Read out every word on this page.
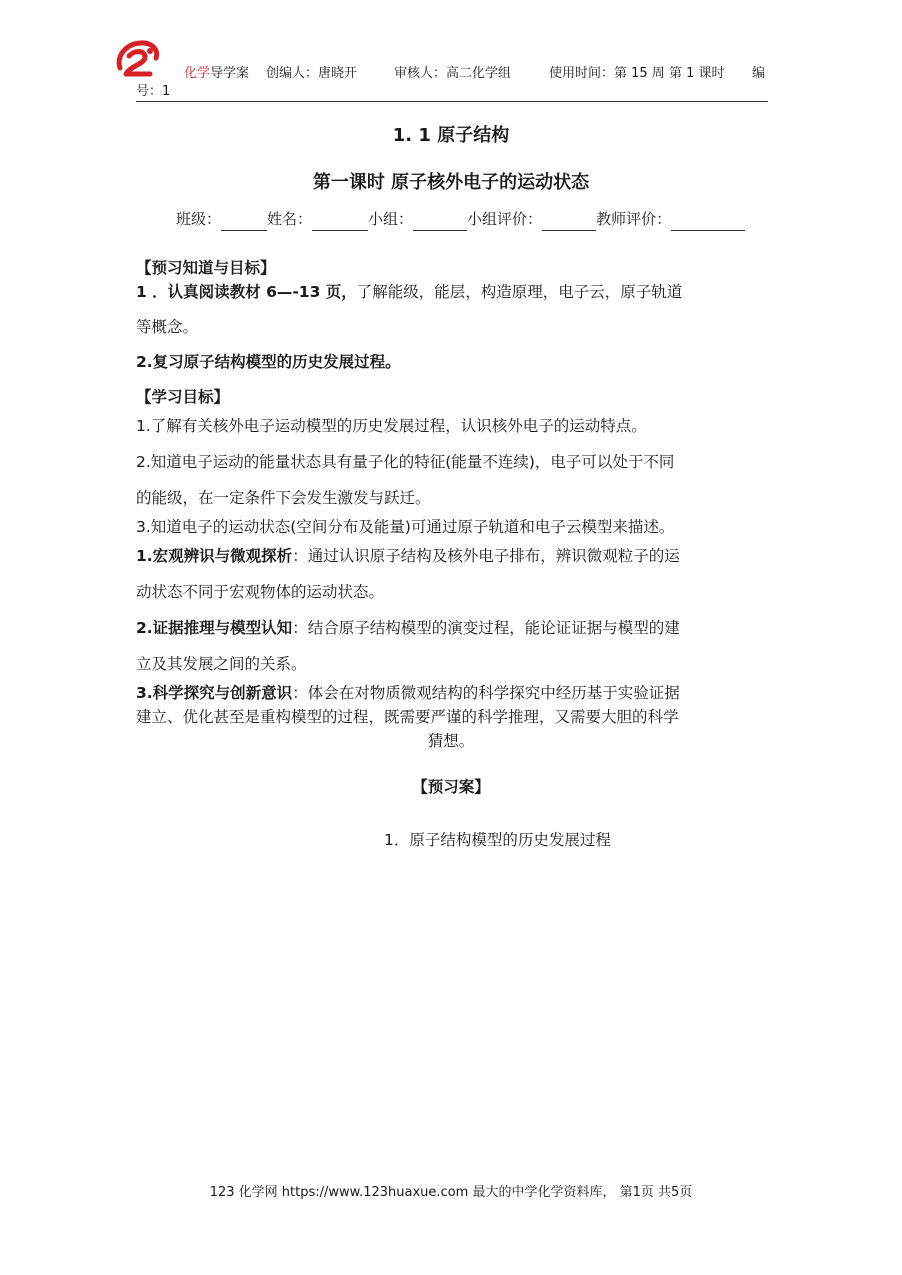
化学导学案 创编人：唐晓开	审核人：高二化学组	使用时间：第 15 周 第 1 课时 编
号：1
1. 1 原子结构
第一课时 原子核外电子的运动状态
班级：	姓名：	小组：	小组评价：	教师评价：
【预习知道与目标】
1 ．认真阅读教材 6—-13 页，了解能级，能层，构造原理，电子云，原子轨道
等概念。
2.复习原子结构模型的历史发展过程。
【学习目标】
1.了解有关核外电子运动模型的历史发展过程，认识核外电子的运动特点。
2.知道电子运动的能量状态具有量子化的特征(能量不连续)，电子可以处于不同
的能级，在一定条件下会发生激发与跃迁。
3.知道电子的运动状态(空间分布及能量)可通过原子轨道和电子云模型来描述。
1.宏观辨识与微观探析：通过认识原子结构及核外电子排布，辨识微观粒子的运
动状态不同于宏观物体的运动状态。
2.证据推理与模型认知：结合原子结构模型的演变过程，能论证证据与模型的建
立及其发展之间的关系。
3.科学探究与创新意识：体会在对物质微观结构的科学探究中经历基于实验证据
建立、优化甚至是重构模型的过程，既需要严谨的科学推理，又需要大胆的科学
猜想。
【预习案】
1．原子结构模型的历史发展过程
123 化学网 https://www.123huaxue.com 最大的中学化学资料库， 第1页 共5页
